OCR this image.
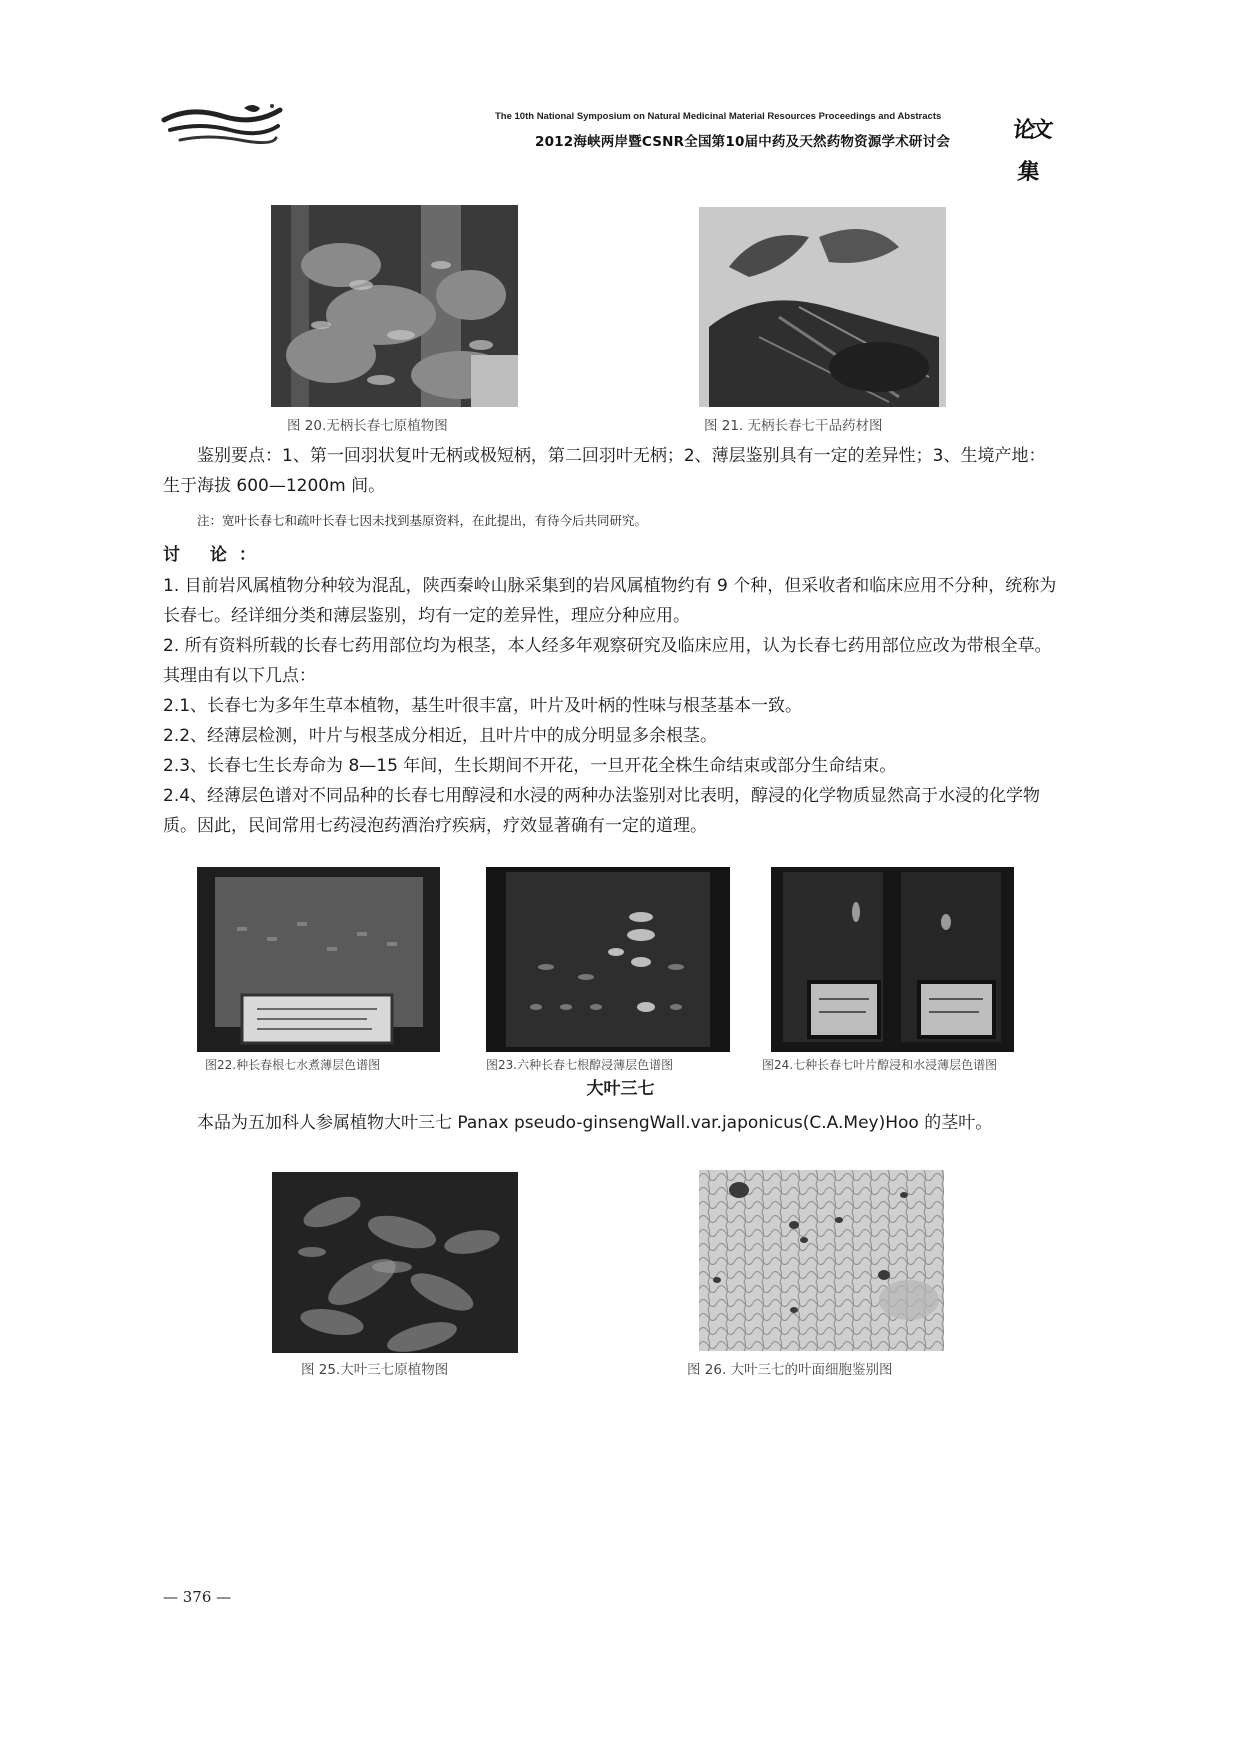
The 10th National Symposium on Natural Medicinal Material Resources Proceedings and Abstracts
2012海峡两岸暨CSNR全国第10届中药及天然药物资源学术研讨会	论文集
图 20.无柄长春七原植物图	图 21. 无柄长春七干品药材图

鉴别要点：1、第一回羽状复叶无柄或极短柄，第二回羽叶无柄；2、薄层鉴别具有一定的差异性；3、生境产地：生于海拔 600—1200m 间。

注：宽叶长春七和疏叶长春七因未找到基原资料，在此提出，有待今后共同研究。
讨 论：

1. 目前岩风属植物分种较为混乱，陕西秦岭山脉采集到的岩风属植物约有 9 个种，但采收者和临床应用不分种，统称为长春七。经详细分类和薄层鉴别，均有一定的差异性，理应分种应用。

2. 所有资料所载的长春七药用部位均为根茎，本人经多年观察研究及临床应用，认为长春七药用部位应改为带根全草。其理由有以下几点：

2.1、长春七为多年生草本植物，基生叶很丰富，叶片及叶柄的性味与根茎基本一致。

2.2、经薄层检测，叶片与根茎成分相近，且叶片中的成分明显多余根茎。

2.3、长春七生长寿命为 8—15 年间，生长期间不开花，一旦开花全株生命结束或部分生命结束。

2.4、经薄层色谱对不同品种的长春七用醇浸和水浸的两种办法鉴别对比表明，醇浸的化学物质显然高于水浸的化学物质。因此，民间常用七药浸泡药酒治疗疾病，疗效显著确有一定的道理。

图22.种长春根七水煮薄层色谱图	图23.六种长春七根醇浸薄层色谱图	图24.七种长春七叶片醇浸和水浸薄层色谱图
大叶三七

本品为五加科人参属植物大叶三七 Panax pseudo-ginsengWall.var.japonicus(C.A.Mey)Hoo 的茎叶。

图 25.大叶三七原植物图	图 26. 大叶三七的叶面细胞鉴别图
— 376 —
